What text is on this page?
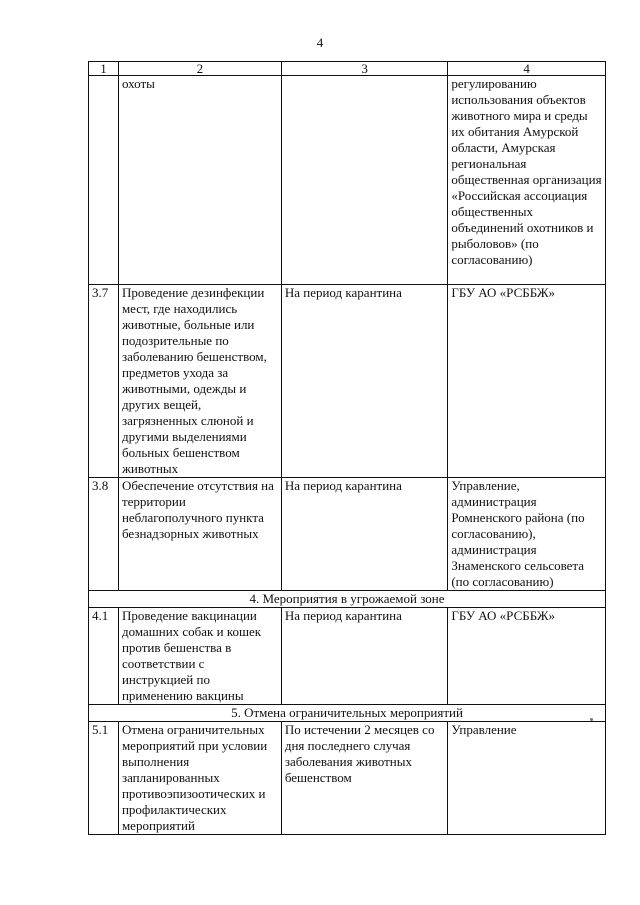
4
1	2	3	4
	охоты		регулированию использования объектов животного мира и среды их обитания Амурской области, Амурская региональная общественная организация «Российская ассоциация общественных объединений охотников и рыболовов» (по согласованию)
3.7	Проведение дезинфекции мест, где находились животные, больные или подозрительные по заболеванию бешенством, предметов ухода за животными, одежды и других вещей, загрязненных слюной и другими выделениями больных бешенством животных	На период карантина	ГБУ АО «РСББЖ»
3.8	Обеспечение отсутствия на территории неблагополучного пункта безнадзорных животных	На период карантина	Управление, администрация Ромненского района (по согласованию), администрация Знаменского сельсовета (по согласованию)
4. Мероприятия в угрожаемой зоне			
4.1	Проведение вакцинации домашних собак и кошек против бешенства в соответствии с инструкцией по применению вакцины	На период карантина	ГБУ АО «РСББЖ»
5. Отмена ограничительных мероприятий			
5.1	Отмена ограничительных мероприятий при условии выполнения запланированных противоэпизоотических и профилактических мероприятий	По истечении 2 месяцев со дня последнего случая заболевания животных бешенством	Управление
